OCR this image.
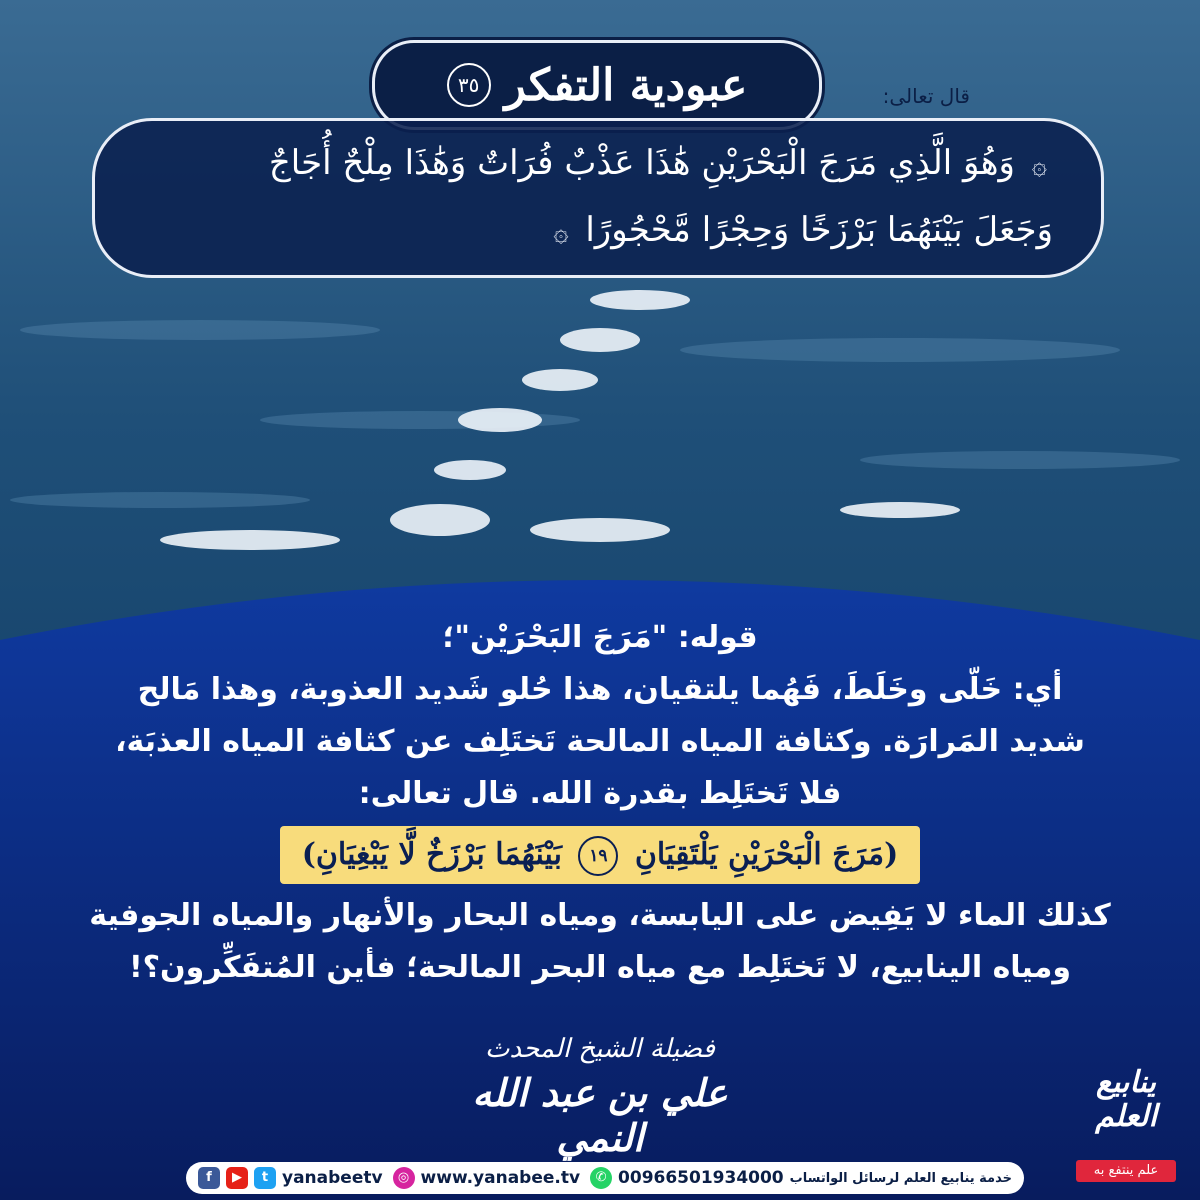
عبودية التفكر
٣٥	قال تعالى:
۞ وَهُوَ الَّذِي مَرَجَ الْبَحْرَيْنِ هَٰذَا عَذْبٌ فُرَاتٌ وَهَٰذَا مِلْحٌ أُجَاجٌ
وَجَعَلَ بَيْنَهُمَا بَرْزَخًا وَحِجْرًا مَّحْجُورًا ۞
قوله: "مَرَجَ البَحْرَيْن"؛
أي: خَلّى وخَلَطَ، فَهُما يلتقيان، هذا حُلو شَديد العذوبة، وهذا مَالح
شديد المَرارَة. وكثافة المياه المالحة تَختَلِف عن كثافة المياه العذبَة،
فلا تَختَلِط بقدرة الله. قال تعالى:
(مَرَجَ الْبَحْرَيْنِ يَلْتَقِيَانِ ١٩ بَيْنَهُمَا بَرْزَخٌ لَّا يَبْغِيَانِ)
كذلك الماء لا يَفِيض على اليابسة، ومياه البحار والأنهار والمياه الجوفية
ومياه الينابيع، لا تَختَلِط مع مياه البحر المالحة؛ فأين المُتفَكِّرون؟!
فضيلة الشيخ المحدث
علي بن عبد الله النمي
ينابيع العلم
علم ينتفع به
f	▶	t yanabeetv	◎ www.yanabee.tv	✆ 00966501934000 خدمة ينابيع العلم لرسائل الواتساب
